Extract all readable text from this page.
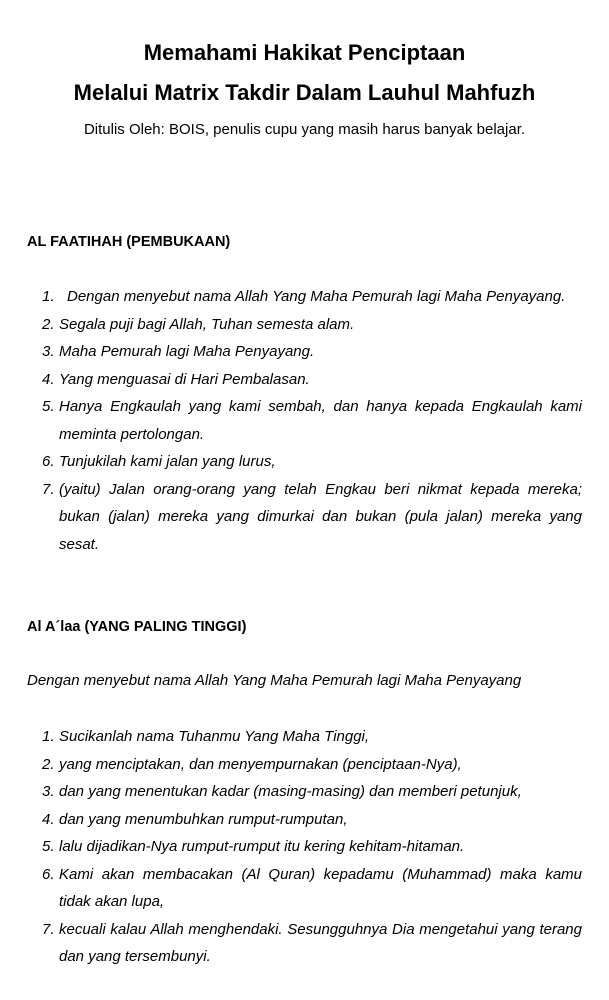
Memahami Hakikat Penciptaan
Melalui Matrix Takdir Dalam Lauhul Mahfuzh

Ditulis Oleh: BOIS, penulis cupu yang masih harus banyak belajar.

AL FAATIHAH (PEMBUKAAN)
1. Dengan menyebut nama Allah Yang Maha Pemurah lagi Maha Penyayang.
2. Segala puji bagi Allah, Tuhan semesta alam.
3. Maha Pemurah lagi Maha Penyayang.
4. Yang menguasai di Hari Pembalasan.
5. Hanya Engkaulah yang kami sembah, dan hanya kepada Engkaulah kami meminta pertolongan.
6. Tunjukilah kami jalan yang lurus,
7. (yaitu) Jalan orang-orang yang telah Engkau beri nikmat kepada mereka; bukan (jalan) mereka yang dimurkai dan bukan (pula jalan) mereka yang sesat.
Al A´laa (YANG PALING TINGGI)

Dengan menyebut nama Allah Yang Maha Pemurah lagi Maha Penyayang

1. Sucikanlah nama Tuhanmu Yang Maha Tinggi,
2. yang menciptakan, dan menyempurnakan (penciptaan-Nya),
3. dan yang menentukan kadar (masing-masing) dan memberi petunjuk,
4. dan yang menumbuhkan rumput-rumputan,
5. lalu dijadikan-Nya rumput-rumput itu kering kehitam-hitaman.
6. Kami akan membacakan (Al Quran) kepadamu (Muhammad) maka kamu tidak akan lupa,
7. kecuali kalau Allah menghendaki. Sesungguhnya Dia mengetahui yang terang dan yang tersembunyi.
